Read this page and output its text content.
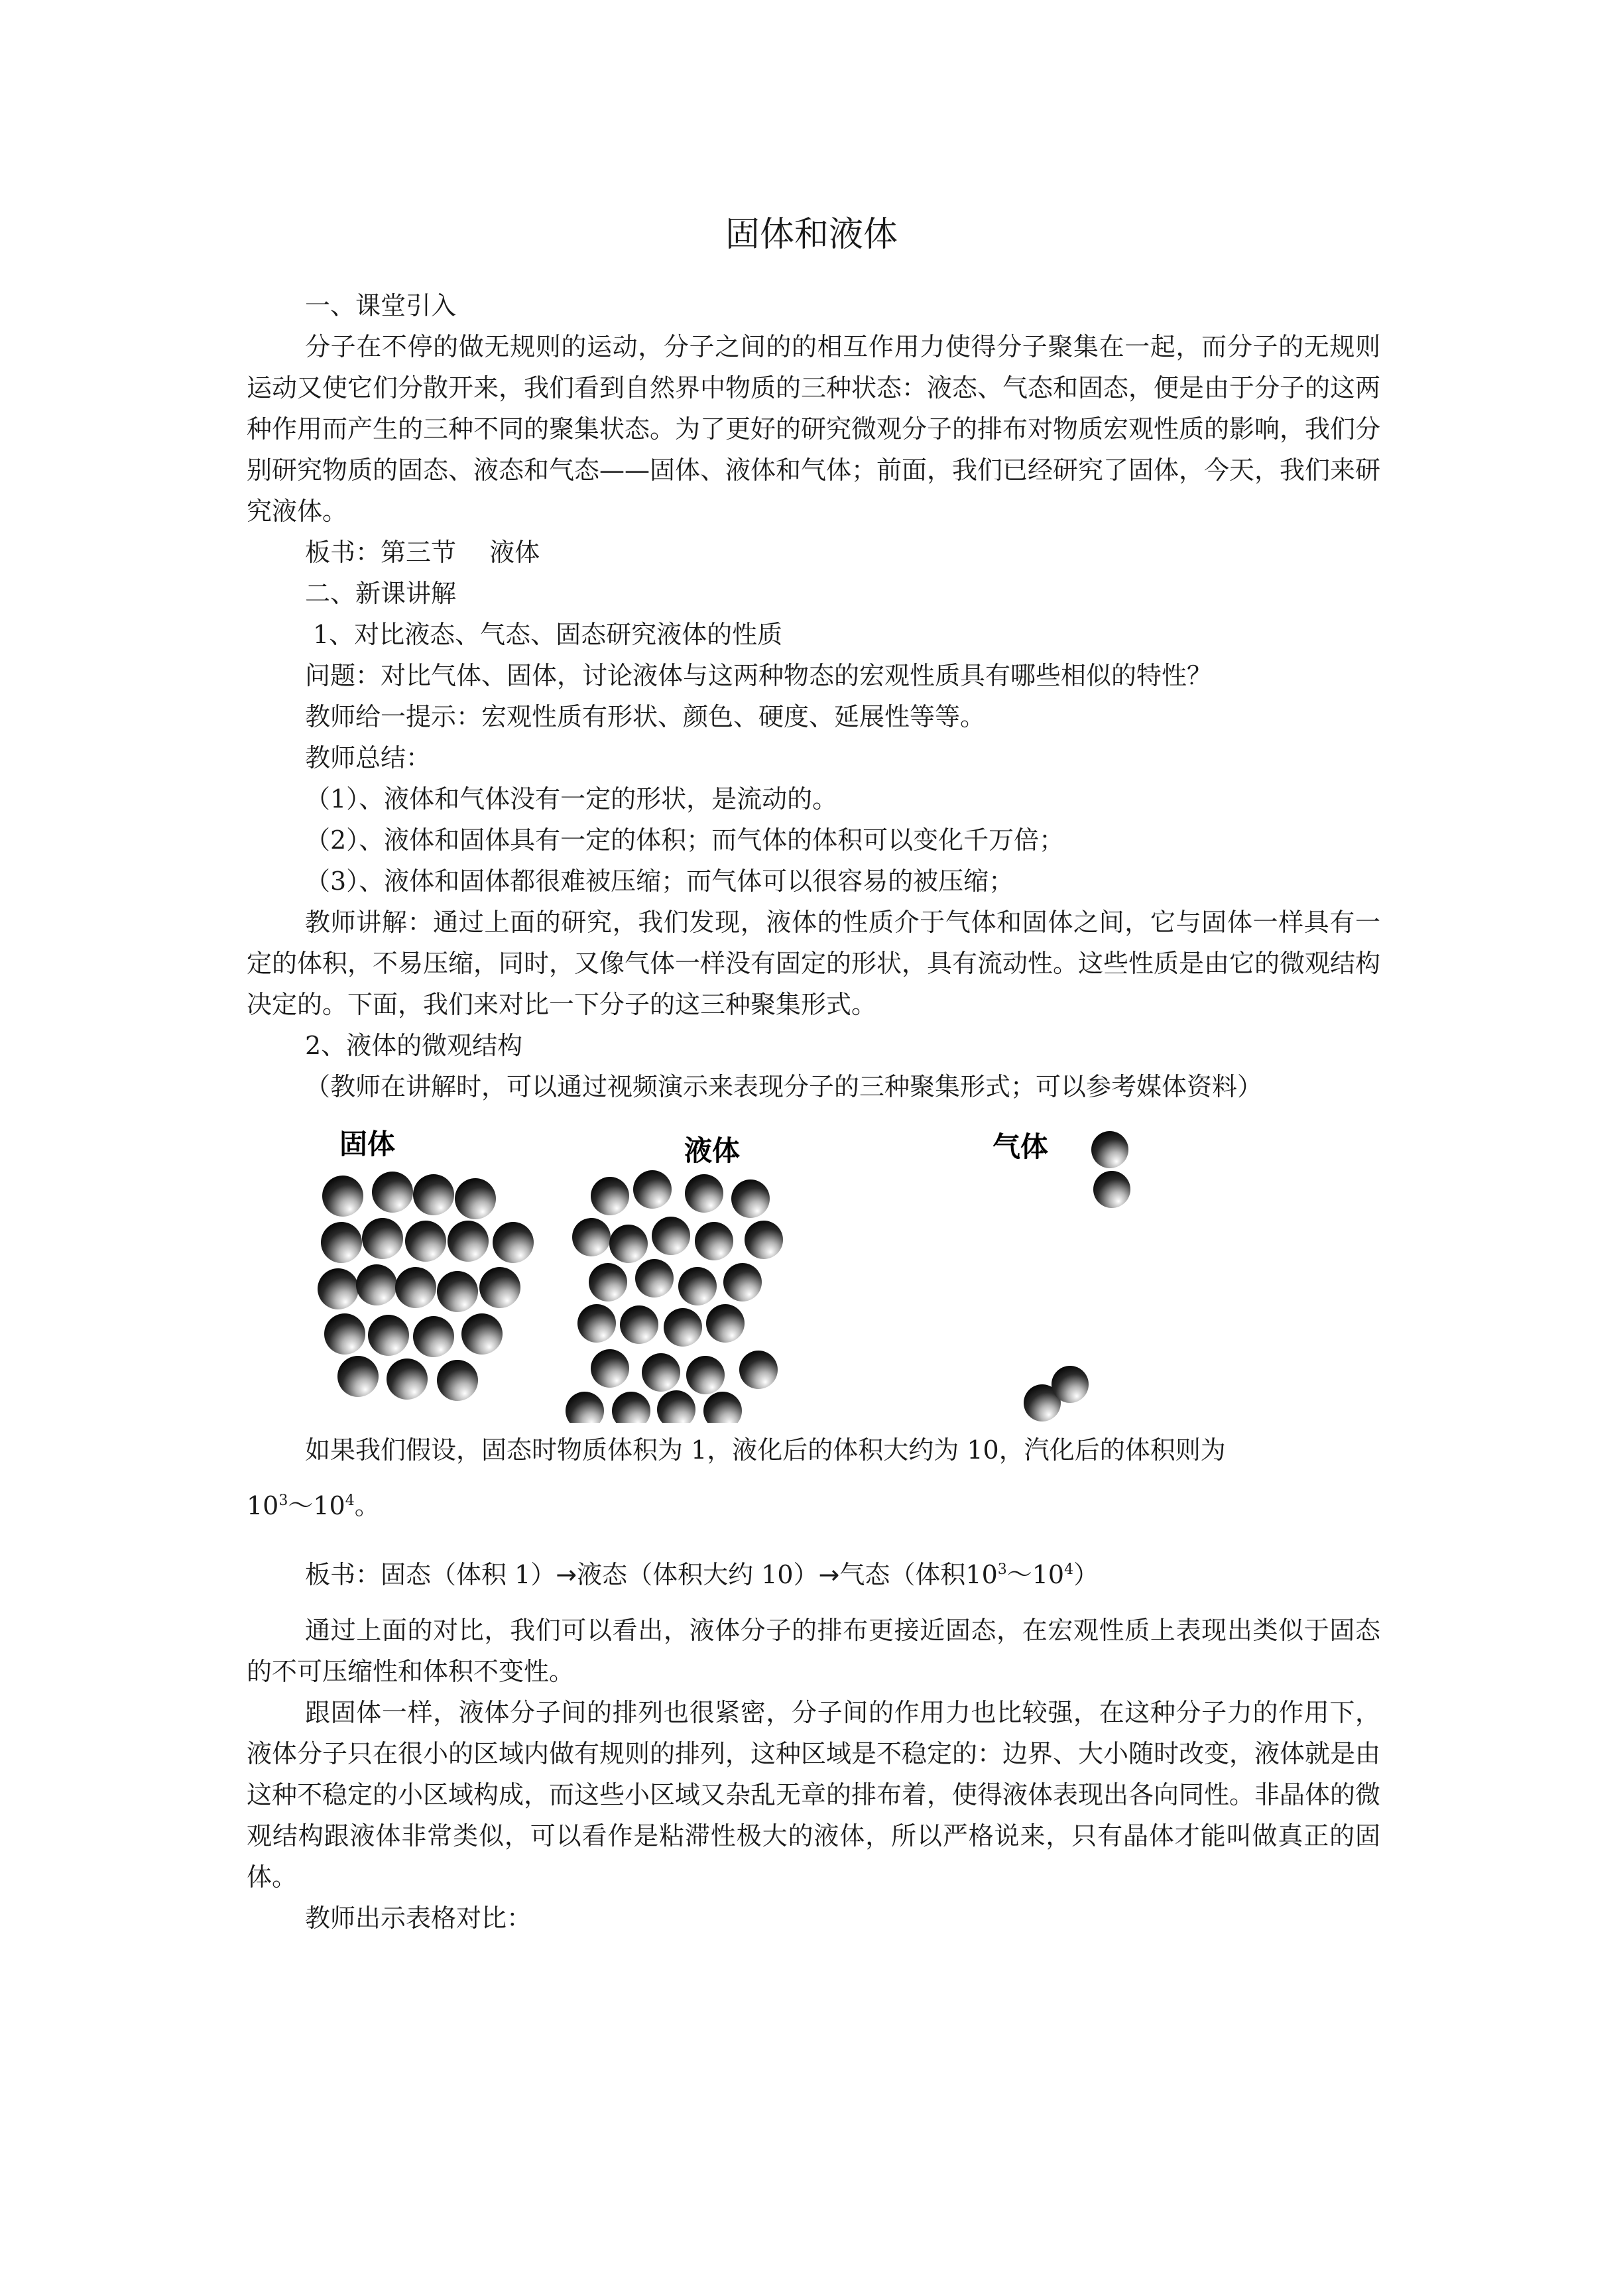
固体和液体

一、课堂引入

分子在不停的做无规则的运动，分子之间的的相互作用力使得分子聚集在一起，而分子的无规则运动又使它们分散开来，我们看到自然界中物质的三种状态：液态、气态和固态，便是由于分子的这两种作用而产生的三种不同的聚集状态。为了更好的研究微观分子的排布对物质宏观性质的影响，我们分别研究物质的固态、液态和气态——固体、液体和气体；前面，我们已经研究了固体，今天，我们来研究液体。

板书：第三节　 液体

二、新课讲解

1、对比液态、气态、固态研究液体的性质

问题：对比气体、固体，讨论液体与这两种物态的宏观性质具有哪些相似的特性？

教师给一提示：宏观性质有形状、颜色、硬度、延展性等等。

教师总结：

（1）、液体和气体没有一定的形状，是流动的。

（2）、液体和固体具有一定的体积；而气体的体积可以变化千万倍；

（3）、液体和固体都很难被压缩；而气体可以很容易的被压缩；

教师讲解：通过上面的研究，我们发现，液体的性质介于气体和固体之间，它与固体一样具有一定的体积，不易压缩，同时，又像气体一样没有固定的形状，具有流动性。这些性质是由它的微观结构决定的。下面，我们来对比一下分子的这三种聚集形式。

2、液体的微观结构

（教师在讲解时，可以通过视频演示来表现分子的三种聚集形式；可以参考媒体资料）

固体	液体	气体

如果我们假设，固态时物质体积为 1，液化后的体积大约为 10，汽化后的体积则为

$10^3\sim 10^4$。

板书：固态（体积 1）→液态（体积大约 10）→气态（体积$10^3\sim 10^4$）

通过上面的对比，我们可以看出，液体分子的排布更接近固态，在宏观性质上表现出类似于固态的不可压缩性和体积不变性。

跟固体一样，液体分子间的排列也很紧密，分子间的作用力也比较强，在这种分子力的作用下，液体分子只在很小的区域内做有规则的排列，这种区域是不稳定的：边界、大小随时改变，液体就是由这种不稳定的小区域构成，而这些小区域又杂乱无章的排布着，使得液体表现出各向同性。非晶体的微观结构跟液体非常类似，可以看作是粘滞性极大的液体，所以严格说来，只有晶体才能叫做真正的固体。

教师出示表格对比：
